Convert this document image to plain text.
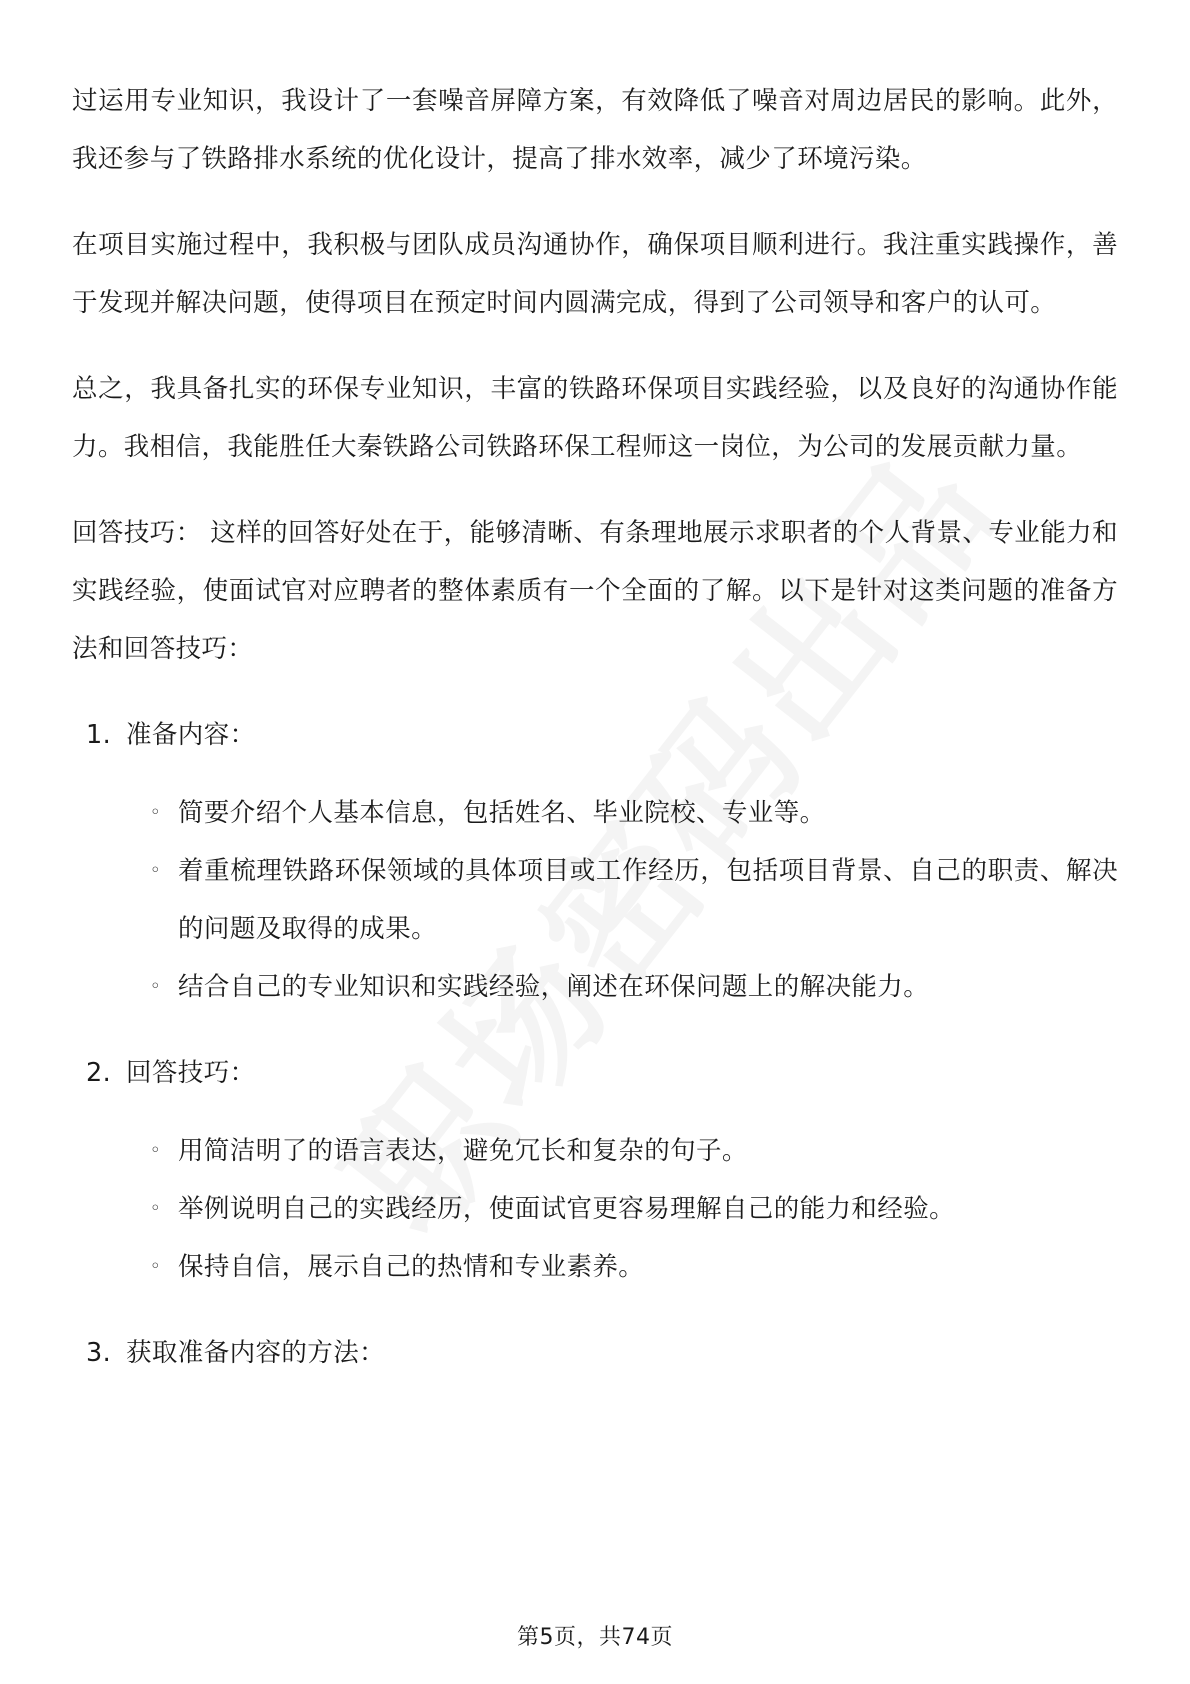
过运用专业知识，我设计了一套噪音屏障方案，有效降低了噪音对周边居民的影响。此外，我还参与了铁路排水系统的优化设计，提高了排水效率，减少了环境污染。

在项目实施过程中，我积极与团队成员沟通协作，确保项目顺利进行。我注重实践操作，善于发现并解决问题，使得项目在预定时间内圆满完成，得到了公司领导和客户的认可。

总之，我具备扎实的环保专业知识，丰富的铁路环保项目实践经验，以及良好的沟通协作能力。我相信，我能胜任大秦铁路公司铁路环保工程师这一岗位，为公司的发展贡献力量。

回答技巧： 这样的回答好处在于，能够清晰、有条理地展示求职者的个人背景、专业能力和实践经验，使面试官对应聘者的整体素质有一个全面的了解。以下是针对这类问题的准备方法和回答技巧：

1. 准备内容：
◦ 简要介绍个人基本信息，包括姓名、毕业院校、专业等。
◦ 着重梳理铁路环保领域的具体项目或工作经历，包括项目背景、自己的职责、解决的问题及取得的成果。
◦ 结合自己的专业知识和实践经验，阐述在环保问题上的解决能力。
2. 回答技巧：
◦ 用简洁明了的语言表达，避免冗长和复杂的句子。
◦ 举例说明自己的实践经历，使面试官更容易理解自己的能力和经验。
◦ 保持自信，展示自己的热情和专业素养。
3. 获取准备内容的方法：
第5页，共74页
